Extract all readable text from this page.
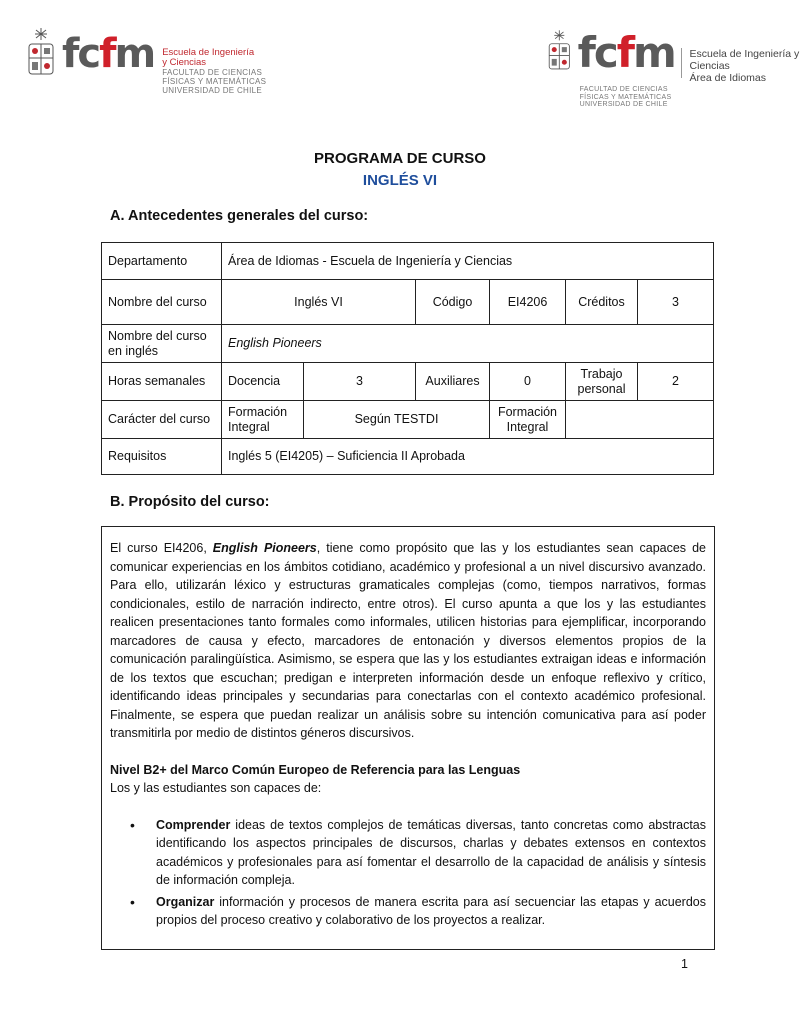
fcfm Escuela de Ingeniería
y Ciencias
FACULTAD DE CIENCIAS
FÍSICAS Y MATEMÁTICAS
UNIVERSIDAD DE CHILE
fcfm Escuela de Ingeniería y Ciencias
Área de Idiomas
FACULTAD DE CIENCIAS
FÍSICAS Y MATEMÁTICAS
UNIVERSIDAD DE CHILE
PROGRAMA DE CURSO
INGLÉS VI
A. Antecedentes generales del curso:
Departamento	Área de Idiomas - Escuela de Ingeniería y Ciencias					
Nombre del curso	Inglés VI		Código	EI4206	Créditos	3
Nombre del curso en inglés	English Pioneers					
Horas semanales	Docencia	3	Auxiliares	0	Trabajo personal	2
Carácter del curso	Formación Integral	Según TESTDI		Formación Integral		
Requisitos	Inglés 5 (EI4205) – Suficiencia II Aprobada					
B. Propósito del curso:

El curso EI4206, English Pioneers, tiene como propósito que las y los estudiantes sean capaces de comunicar experiencias en los ámbitos cotidiano, académico y profesional a un nivel discursivo avanzado. Para ello, utilizarán léxico y estructuras gramaticales complejas (como, tiempos narrativos, formas condicionales, estilo de narración indirecto, entre otros). El curso apunta a que los y las estudiantes realicen presentaciones tanto formales como informales, utilicen historias para ejemplificar, incorporando marcadores de causa y efecto, marcadores de entonación y diversos elementos propios de la comunicación paralingüística. Asimismo, se espera que las y los estudiantes extraigan ideas e información de los textos que escuchan; predigan e interpreten información desde un enfoque reflexivo y crítico, identificando ideas principales y secundarias para conectarlas con el contexto académico profesional. Finalmente, se espera que puedan realizar un análisis sobre su intención comunicativa para así poder transmitirla por medio de distintos géneros discursivos.

Nivel B2+ del Marco Común Europeo de Referencia para las Lenguas
Los y las estudiantes son capaces de:
• Comprender ideas de textos complejos de temáticas diversas, tanto concretas como abstractas identificando los aspectos principales de discursos, charlas y debates extensos en contextos académicos y profesionales para así fomentar el desarrollo de la capacidad de análisis y síntesis de información compleja.
• Organizar información y procesos de manera escrita para así secuenciar las etapas y acuerdos propios del proceso creativo y colaborativo de los proyectos a realizar.
1
